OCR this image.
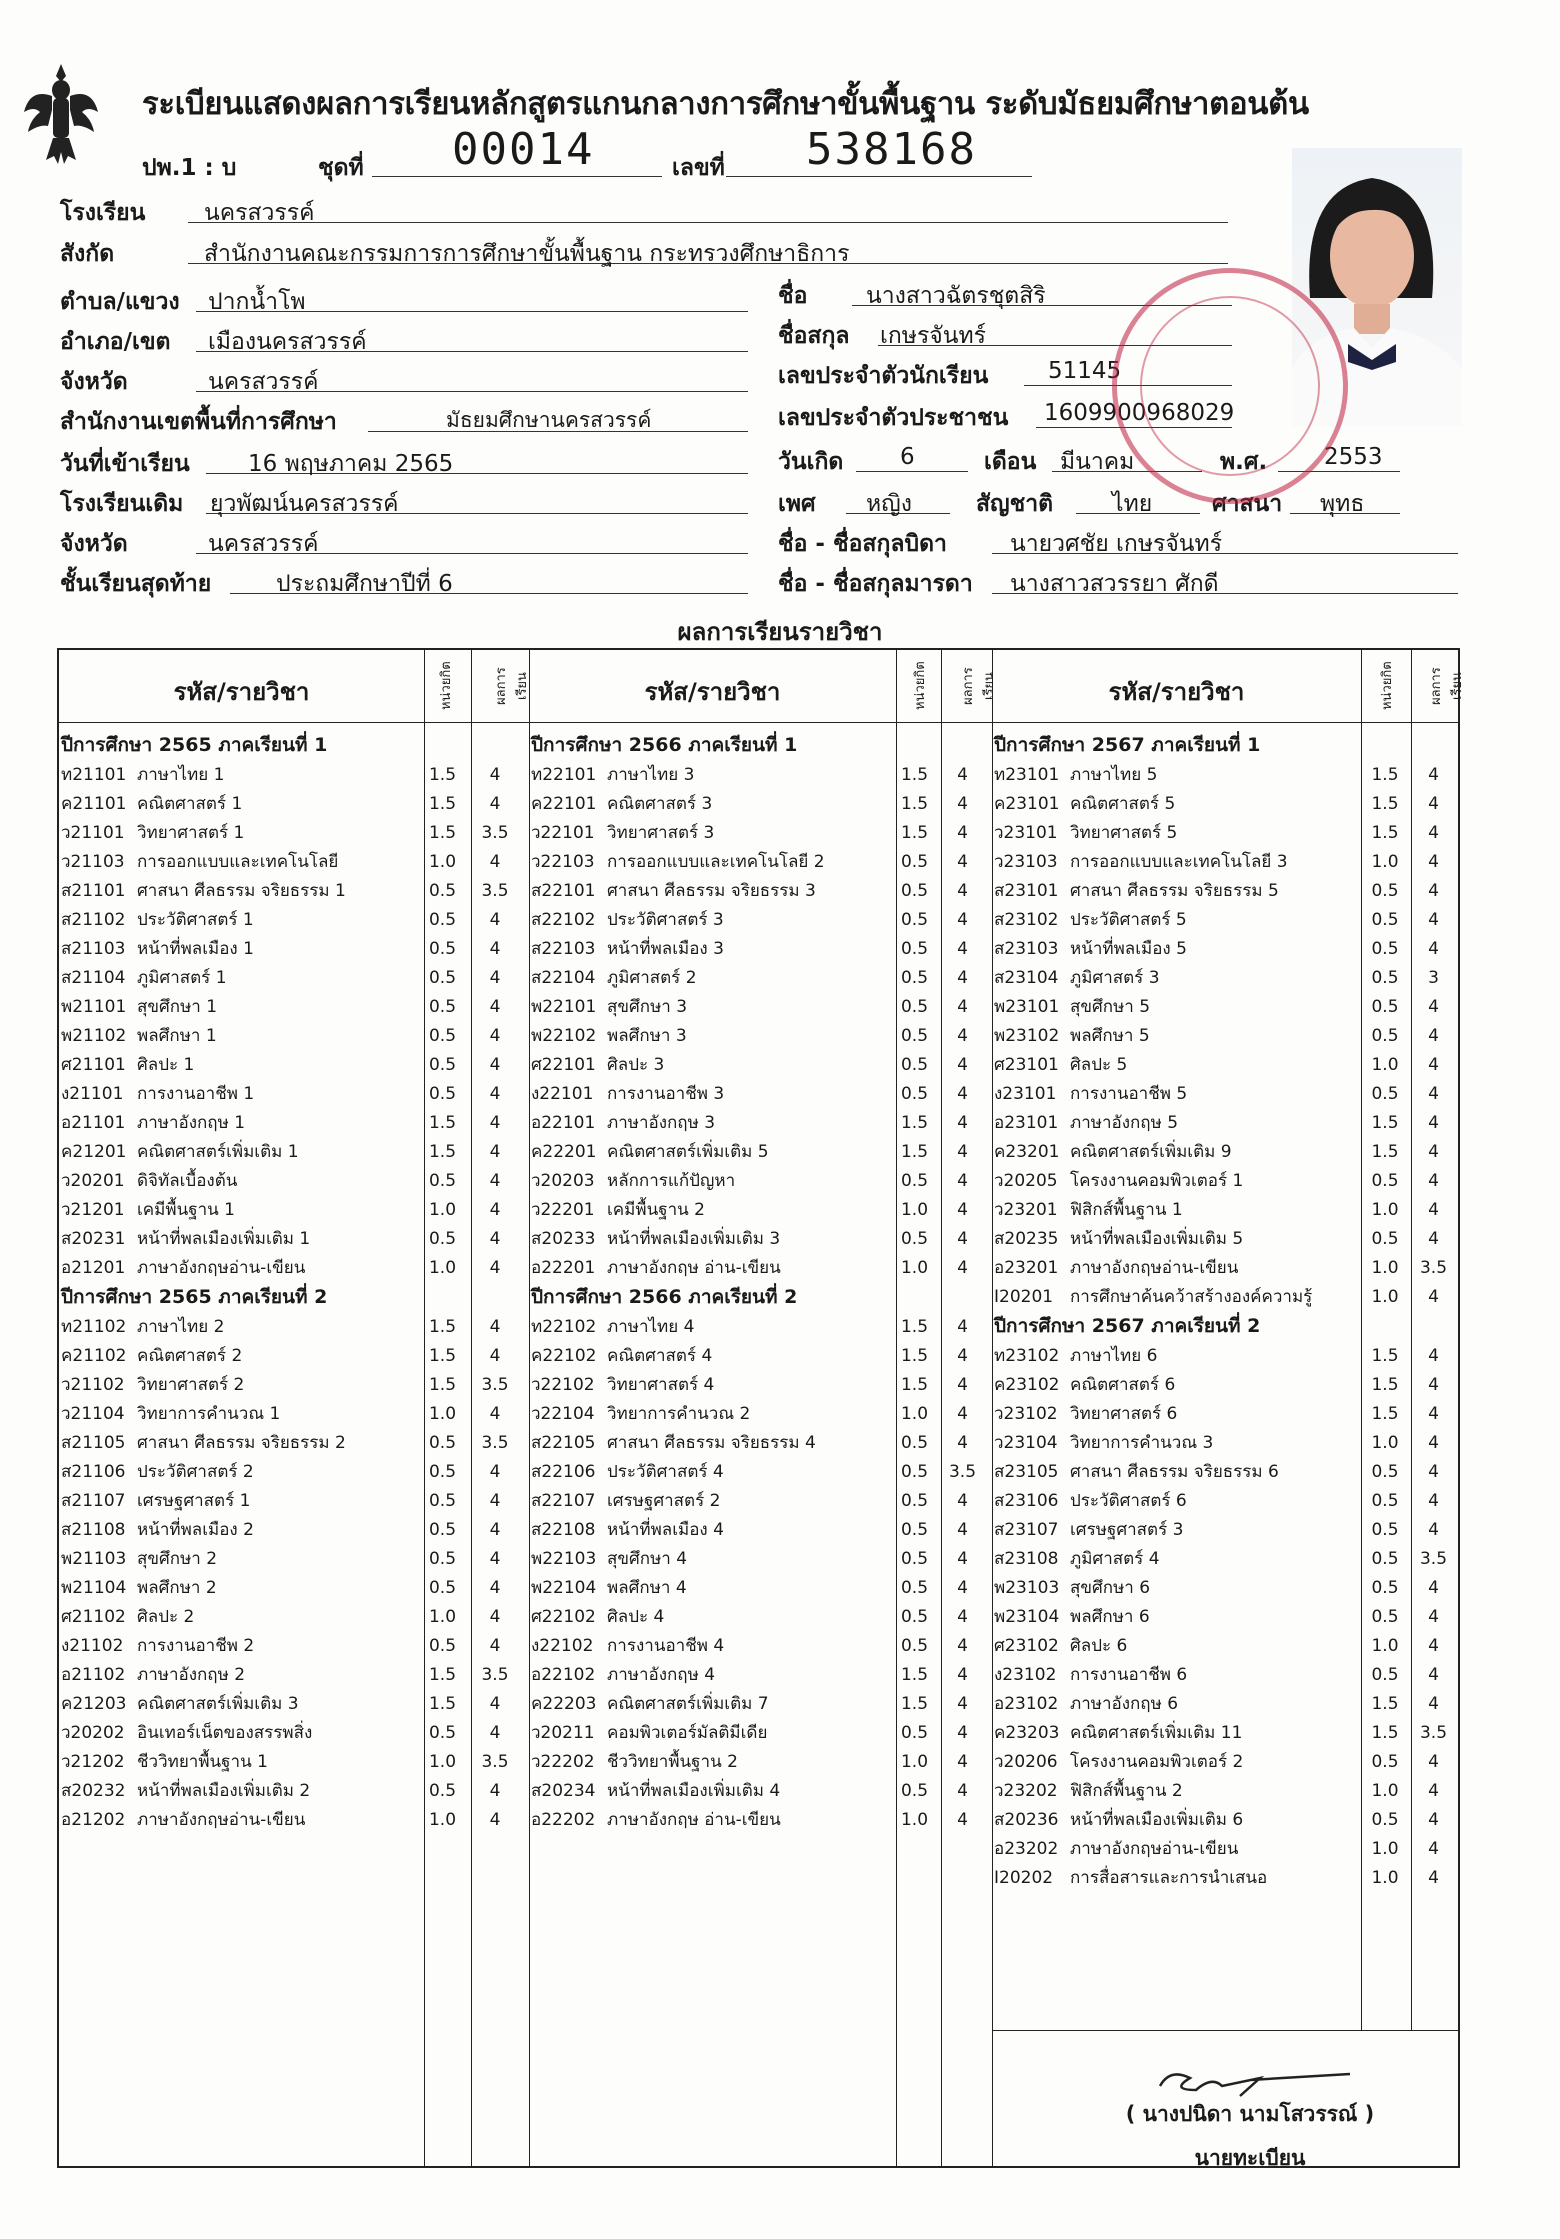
ระเบียนแสดงผลการเรียนหลักสูตรแกนกลางการศึกษาขั้นพื้นฐาน ระดับมัธยมศึกษาตอนต้น
ปพ.1 : บ	ชุดที่ 00014	เลขที่ 538168
โรงเรียน	นครสวรรค์
สังกัด	สำนักงานคณะกรรมการการศึกษาขั้นพื้นฐาน กระทรวงศึกษาธิการ
ตำบล/แขวง ปากน้ำโพ
อำเภอ/เขต เมืองนครสวรรค์
จังหวัด	นครสวรรค์
สำนักงานเขตพื้นที่การศึกษา	มัธยมศึกษานครสวรรค์
วันที่เข้าเรียน	16 พฤษภาคม 2565
โรงเรียนเดิม ยุวพัฒน์นครสวรรค์
จังหวัด	นครสวรรค์
ชั้นเรียนสุดท้าย	ประถมศึกษาปีที่ 6
ชื่อ	นางสาวฉัตรชุตสิริ
ชื่อสกุล เกษรจันทร์
เลขประจำตัวนักเรียน	51145
เลขประจำตัวประชาชน 1609900968029
วันเกิด 6	เดือน มีนาคม	พ.ศ. 2553
เพศ หญิง	สัญชาติ	ไทย	ศาสนา พุทธ
ชื่อ - ชื่อสกุลบิดา	นายวศชัย เกษรจันทร์
ชื่อ - ชื่อสกุลมารดา นางสาวสวรรยา ศักดี
ผลการเรียนรายวิชา
รหัส/รายวิชา	หน่วยกิต	ผลการเรียน	รหัส/รายวิชา	หน่วยกิต	ผลการเรียน	รหัส/รายวิชา	หน่วยกิต	ผลการเรียน
ปีการศึกษา 2565 ภาคเรียนที่ 1
ท21101 ภาษาไทย 1	1.5	4
ค21101 คณิตศาสตร์ 1	1.5	4
ว21101 วิทยาศาสตร์ 1	1.5	3.5
ว21103 การออกแบบและเทคโนโลยี	1.0	4
ส21101 ศาสนา ศีลธรรม จริยธรรม 1	0.5	3.5
ส21102 ประวัติศาสตร์ 1	0.5	4
ส21103 หน้าที่พลเมือง 1	0.5	4
ส21104 ภูมิศาสตร์ 1	0.5	4
พ21101 สุขศึกษา 1	0.5	4
พ21102 พลศึกษา 1	0.5	4
ศ21101 ศิลปะ 1	0.5	4
ง21101 การงานอาชีพ 1	0.5	4
อ21101 ภาษาอังกฤษ 1	1.5	4
ค21201 คณิตศาสตร์เพิ่มเติม 1	1.5	4
ว20201 ดิจิทัลเบื้องต้น	0.5	4
ว21201 เคมีพื้นฐาน 1	1.0	4
ส20231 หน้าที่พลเมืองเพิ่มเติม 1	0.5	4
อ21201 ภาษาอังกฤษอ่าน-เขียน	1.0	4
ปีการศึกษา 2565 ภาคเรียนที่ 2
ท21102 ภาษาไทย 2	1.5	4
ค21102 คณิตศาสตร์ 2	1.5	4
ว21102 วิทยาศาสตร์ 2	1.5	3.5
ว21104 วิทยาการคำนวณ 1	1.0	4
ส21105 ศาสนา ศีลธรรม จริยธรรม 2	0.5	3.5
ส21106 ประวัติศาสตร์ 2	0.5	4
ส21107 เศรษฐศาสตร์ 1	0.5	4
ส21108 หน้าที่พลเมือง 2	0.5	4
พ21103 สุขศึกษา 2	0.5	4
พ21104 พลศึกษา 2	0.5	4
ศ21102 ศิลปะ 2	1.0	4
ง21102 การงานอาชีพ 2	0.5	4
อ21102 ภาษาอังกฤษ 2	1.5	3.5
ค21203 คณิตศาสตร์เพิ่มเติม 3	1.5	4
ว20202 อินเทอร์เน็ตของสรรพสิ่ง	0.5	4
ว21202 ชีววิทยาพื้นฐาน 1	1.0	3.5
ส20232 หน้าที่พลเมืองเพิ่มเติม 2	0.5	4
อ21202 ภาษาอังกฤษอ่าน-เขียน	1.0	4
ปีการศึกษา 2566 ภาคเรียนที่ 1
ท22101 ภาษาไทย 3	1.5	4
ค22101 คณิตศาสตร์ 3	1.5	4
ว22101 วิทยาศาสตร์ 3	1.5	4
ว22103 การออกแบบและเทคโนโลยี 2	0.5	4
ส22101 ศาสนา ศีลธรรม จริยธรรม 3	0.5	4
ส22102 ประวัติศาสตร์ 3	0.5	4
ส22103 หน้าที่พลเมือง 3	0.5	4
ส22104 ภูมิศาสตร์ 2	0.5	4
พ22101 สุขศึกษา 3	0.5	4
พ22102 พลศึกษา 3	0.5	4
ศ22101 ศิลปะ 3	0.5	4
ง22101 การงานอาชีพ 3	0.5	4
อ22101 ภาษาอังกฤษ 3	1.5	4
ค22201 คณิตศาสตร์เพิ่มเติม 5	1.5	4
ว20203 หลักการแก้ปัญหา	0.5	4
ว22201 เคมีพื้นฐาน 2	1.0	4
ส20233 หน้าที่พลเมืองเพิ่มเติม 3	0.5	4
อ22201 ภาษาอังกฤษ อ่าน-เขียน	1.0	4
ปีการศึกษา 2566 ภาคเรียนที่ 2
ท22102 ภาษาไทย 4	1.5	4
ค22102 คณิตศาสตร์ 4	1.5	4
ว22102 วิทยาศาสตร์ 4	1.5	4
ว22104 วิทยาการคำนวณ 2	1.0	4
ส22105 ศาสนา ศีลธรรม จริยธรรม 4	0.5	4
ส22106 ประวัติศาสตร์ 4	0.5	3.5
ส22107 เศรษฐศาสตร์ 2	0.5	4
ส22108 หน้าที่พลเมือง 4	0.5	4
พ22103 สุขศึกษา 4	0.5	4
พ22104 พลศึกษา 4	0.5	4
ศ22102 ศิลปะ 4	0.5	4
ง22102 การงานอาชีพ 4	0.5	4
อ22102 ภาษาอังกฤษ 4	1.5	4
ค22203 คณิตศาสตร์เพิ่มเติม 7	1.5	4
ว20211 คอมพิวเตอร์มัลติมีเดีย	0.5	4
ว22202 ชีววิทยาพื้นฐาน 2	1.0	4
ส20234 หน้าที่พลเมืองเพิ่มเติม 4	0.5	4
อ22202 ภาษาอังกฤษ อ่าน-เขียน	1.0	4
ปีการศึกษา 2567 ภาคเรียนที่ 1
ท23101 ภาษาไทย 5	1.5	4
ค23101 คณิตศาสตร์ 5	1.5	4
ว23101 วิทยาศาสตร์ 5	1.5	4
ว23103 การออกแบบและเทคโนโลยี 3	1.0	4
ส23101 ศาสนา ศีลธรรม จริยธรรม 5	0.5	4
ส23102 ประวัติศาสตร์ 5	0.5	4
ส23103 หน้าที่พลเมือง 5	0.5	4
ส23104 ภูมิศาสตร์ 3	0.5	3
พ23101 สุขศึกษา 5	0.5	4
พ23102 พลศึกษา 5	0.5	4
ศ23101 ศิลปะ 5	1.0	4
ง23101 การงานอาชีพ 5	0.5	4
อ23101 ภาษาอังกฤษ 5	1.5	4
ค23201 คณิตศาสตร์เพิ่มเติม 9	1.5	4
ว20205 โครงงานคอมพิวเตอร์ 1	0.5	4
ว23201 ฟิสิกส์พื้นฐาน 1	1.0	4
ส20235 หน้าที่พลเมืองเพิ่มเติม 5	0.5	4
อ23201 ภาษาอังกฤษอ่าน-เขียน	1.0	3.5
I20201 การศึกษาค้นคว้าสร้างองค์ความรู้	1.0	4
ปีการศึกษา 2567 ภาคเรียนที่ 2
ท23102 ภาษาไทย 6	1.5	4
ค23102 คณิตศาสตร์ 6	1.5	4
ว23102 วิทยาศาสตร์ 6	1.5	4
ว23104 วิทยาการคำนวณ 3	1.0	4
ส23105 ศาสนา ศีลธรรม จริยธรรม 6	0.5	4
ส23106 ประวัติศาสตร์ 6	0.5	4
ส23107 เศรษฐศาสตร์ 3	0.5	4
ส23108 ภูมิศาสตร์ 4	0.5	3.5
พ23103 สุขศึกษา 6	0.5	4
พ23104 พลศึกษา 6	0.5	4
ศ23102 ศิลปะ 6	1.0	4
ง23102 การงานอาชีพ 6	0.5	4
อ23102 ภาษาอังกฤษ 6	1.5	4
ค23203 คณิตศาสตร์เพิ่มเติม 11	1.5	3.5
ว20206 โครงงานคอมพิวเตอร์ 2	0.5	4
ว23202 ฟิสิกส์พื้นฐาน 2	1.0	4
ส20236 หน้าที่พลเมืองเพิ่มเติม 6	0.5	4
อ23202 ภาษาอังกฤษอ่าน-เขียน	1.0	4
I20202 การสื่อสารและการนำเสนอ	1.0	4
( นางปนิดา นามโสวรรณ์ )
นายทะเบียน
